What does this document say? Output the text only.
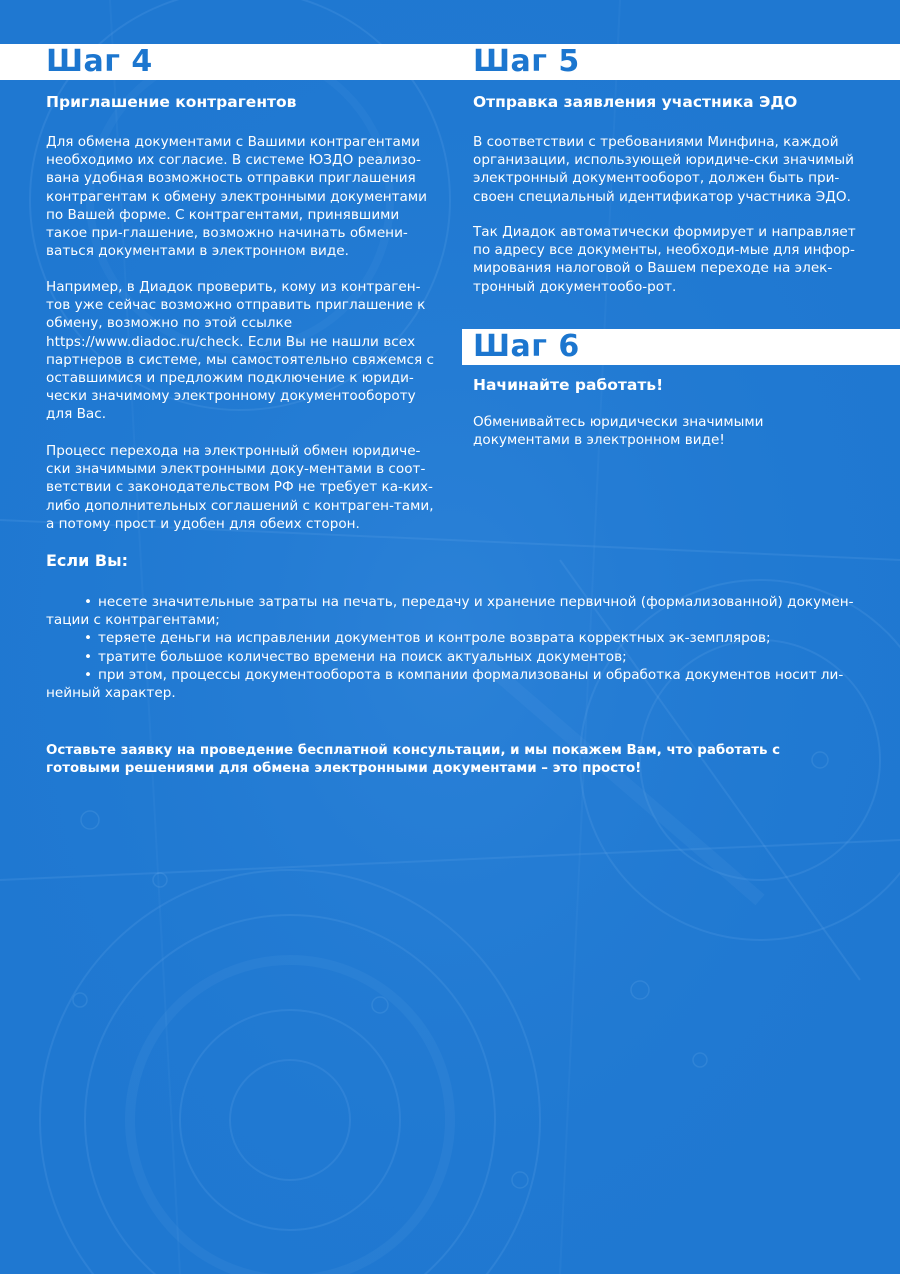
Шаг 4
Приглашение контрагентов

Для обмена документами с Вашими контрагентами необходимо их согласие. В системе ЮЗДО реализо-вана удобная возможность отправки приглашения контрагентам к обмену электронными документами по Вашей форме. С контрагентами, принявшими такое при-глашение, возможно начинать обмени-ваться документами в электронном виде.

Например, в Диадок проверить, кому из контраген-тов уже сейчас возможно отправить приглашение к обмену, возможно по этой ссылке https://www.diadoc.ru/check. Если Вы не нашли всех партнеров в системе, мы самостоятельно свяжемся с оставшимися и предложим подключение к юриди-чески значимому электронному документообороту для Вас.

Процесс перехода на электронный обмен юридиче-ски значимыми электронными доку-ментами в соот-ветствии с законодательством РФ не требует ка-ких-либо дополнительных соглашений с контраген-тами, а потому прост и удобен для обеих сторон.

Шаг 5
Отправка заявления участника ЭДО

В соответствии с требованиями Минфина, каждой организации, использующей юридиче-ски значимый электронный документооборот, должен быть при-своен специальный идентификатор участника ЭДО.

Так Диадок автоматически формирует и направляет по адресу все документы, необходи-мые для инфор-мирования налоговой о Вашем переходе на элек-тронный документообо-рот.

Шаг 6
Начинайте работать!

Обменивайтесь юридически значимыми документами в электронном виде!

Если Вы:
• несете значительные затраты на печать, передачу и хранение первичной (формализованной) докумен-тации с контрагентами;
• теряете деньги на исправлении документов и контроле возврата корректных эк-земпляров;
• тратите большое количество времени на поиск актуальных документов;
• при этом, процессы документооборота в компании формализованы и обработка документов носит ли-нейный характер.

Оставьте заявку на проведение бесплатной консультации, и мы покажем Вам, что работать с готовыми решениями для обмена электронными документами – это просто!
